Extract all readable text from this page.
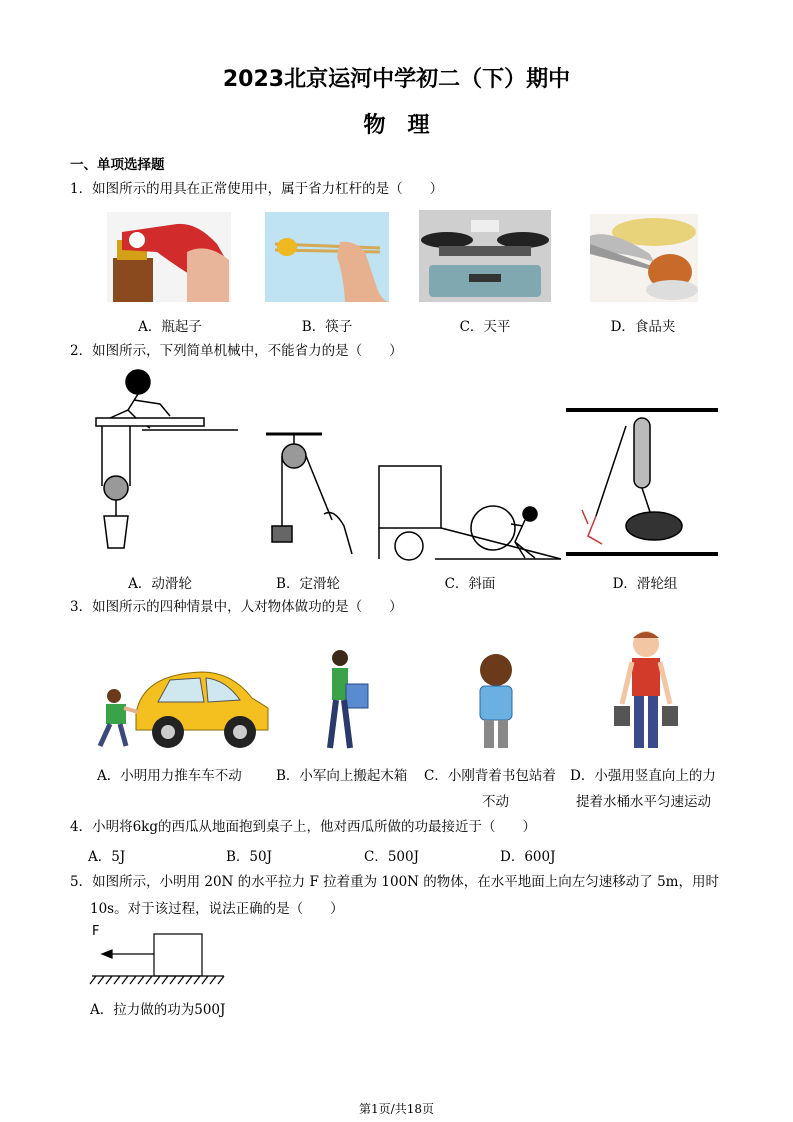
2023北京运河中学初二（下）期中
物　理
一、单项选择题
1．如图所示的用具在正常使用中，属于省力杠杆的是（　　）
A．瓶起子	B．筷子	C．天平	D．食品夹
2．如图所示，下列简单机械中，不能省力的是（　　）
A．动滑轮	B．定滑轮	C．斜面	D．滑轮组
3．如图所示的四种情景中，人对物体做功的是（　　）
A．小明用力推车车不动	B．小军向上搬起木箱	C．小刚背着书包站着
不动
D．小强用竖直向上的力
提着水桶水平匀速运动
4．小明将6kg的西瓜从地面抱到桌子上，他对西瓜所做的功最接近于（　　）
A．5J	B．50J	C．500J	D．600J
5．如图所示，小明用 20N 的水平拉力 F 拉着重为 100N 的物体，在水平地面上向左匀速移动了 5m，用时
10s。对于该过程，说法正确的是（　　）
F
A．拉力做的功为500J
第1页/共18页
